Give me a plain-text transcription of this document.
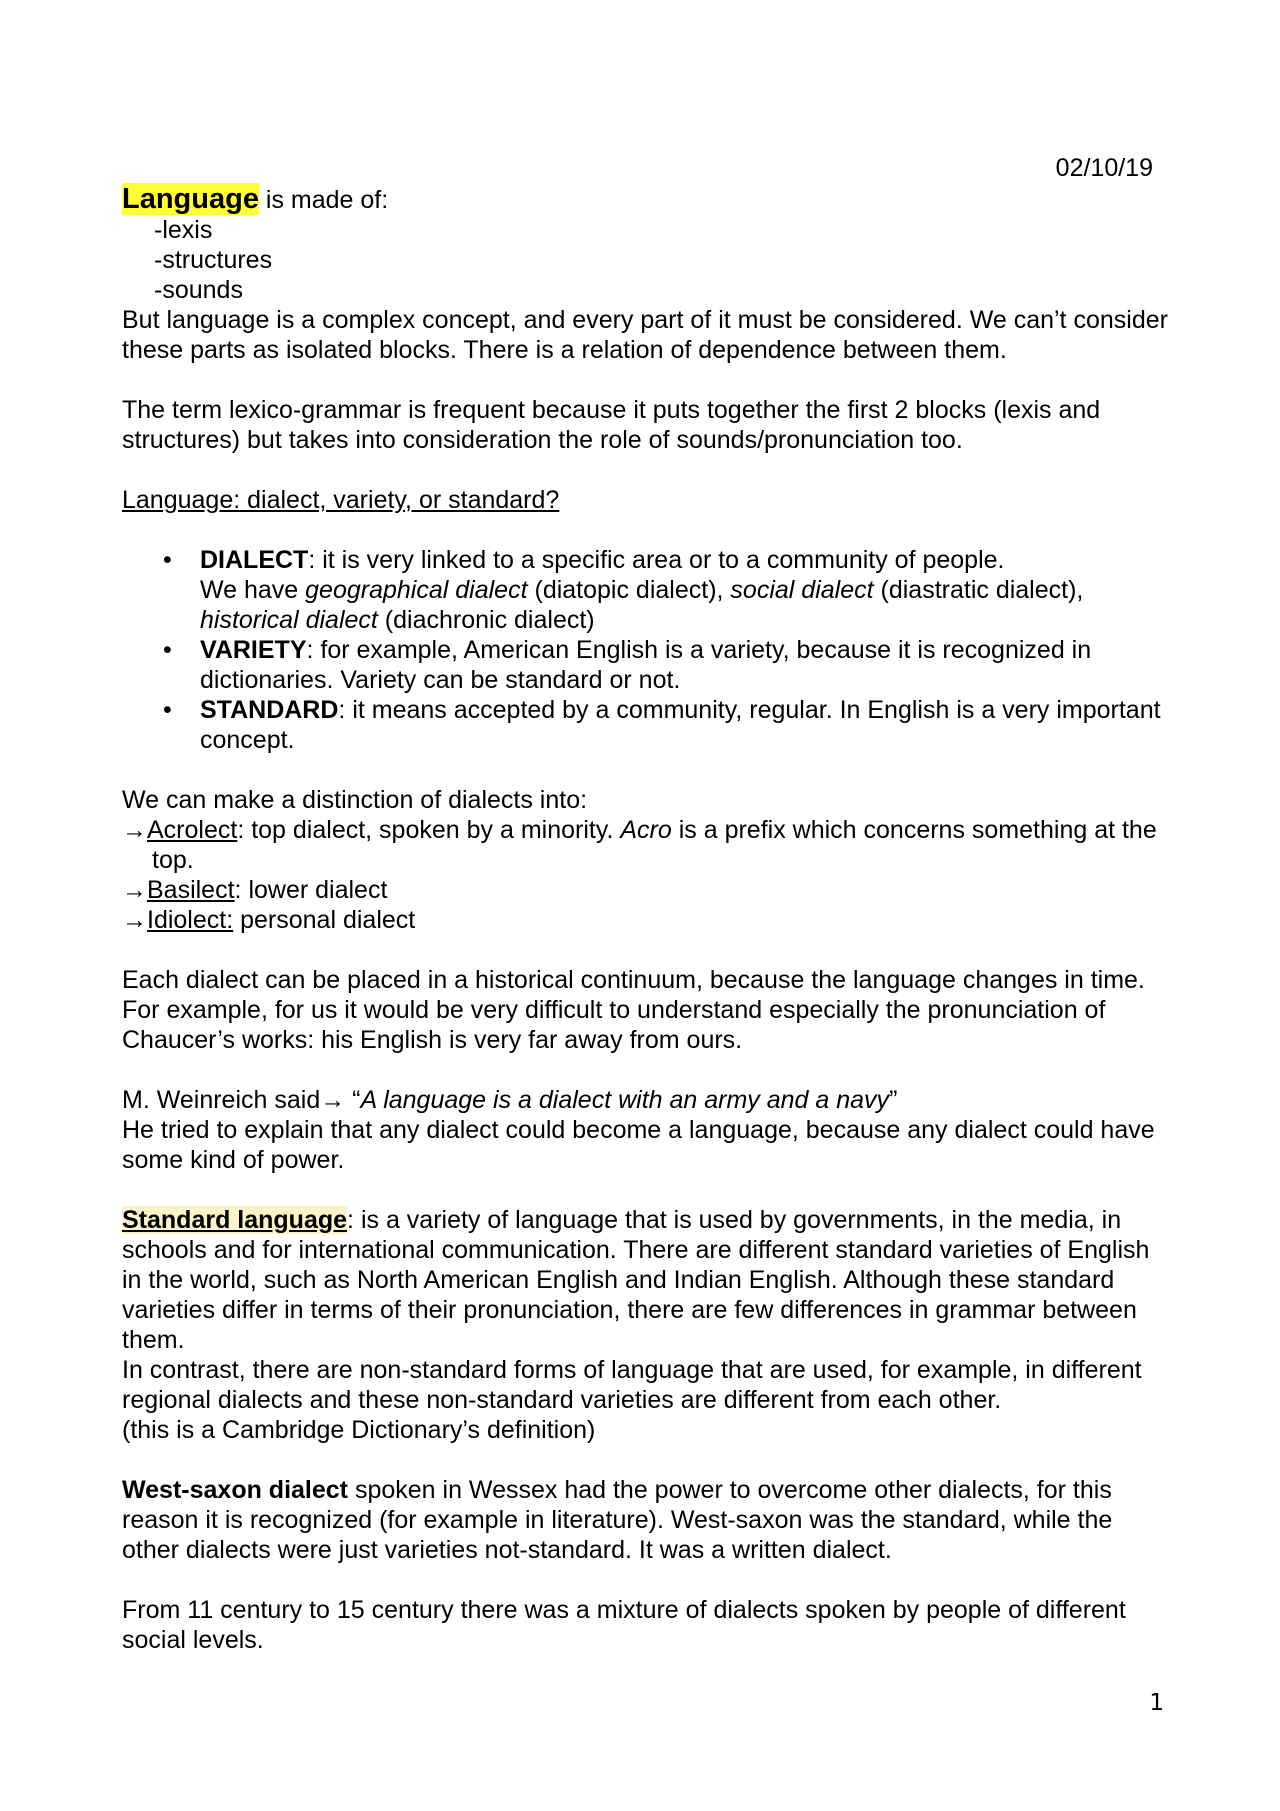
02/10/19

Language is made of:

-lexis

-structures

-sounds

But language is a complex concept, and every part of it must be considered. We can’t consider these parts as isolated blocks. There is a relation of dependence between them.

The term lexico-grammar is frequent because it puts together the first 2 blocks (lexis and structures) but takes into consideration the role of sounds/pronunciation too.

Language: dialect, variety, or standard?

• DIALECT: it is very linked to a specific area or to a community of people.
We have geographical dialect (diatopic dialect), social dialect (diastratic dialect),
historical dialect (diachronic dialect)
• VARIETY: for example, American English is a variety, because it is recognized in dictionaries. Variety can be standard or not.
• STANDARD: it means accepted by a community, regular. In English is a very important concept.

We can make a distinction of dialects into:

→Acrolect: top dialect, spoken by a minority. Acro is a prefix which concerns something at the top.

→Basilect: lower dialect

→Idiolect: personal dialect

Each dialect can be placed in a historical continuum, because the language changes in time. For example, for us it would be very difficult to understand especially the pronunciation of Chaucer’s works: his English is very far away from ours.

M. Weinreich said→ “A language is a dialect with an army and a navy”

He tried to explain that any dialect could become a language, because any dialect could have some kind of power.

Standard language: is a variety of language that is used by governments, in the media, in schools and for international communication. There are different standard varieties of English in the world, such as North American English and Indian English. Although these standard varieties differ in terms of their pronunciation, there are few differences in grammar between them.

In contrast, there are non-standard forms of language that are used, for example, in different regional dialects and these non-standard varieties are different from each other.

(this is a Cambridge Dictionary’s definition)

West-saxon dialect spoken in Wessex had the power to overcome other dialects, for this reason it is recognized (for example in literature). West-saxon was the standard, while the other dialects were just varieties not-standard. It was a written dialect.

From 11 century to 15 century there was a mixture of dialects spoken by people of different social levels.

1
